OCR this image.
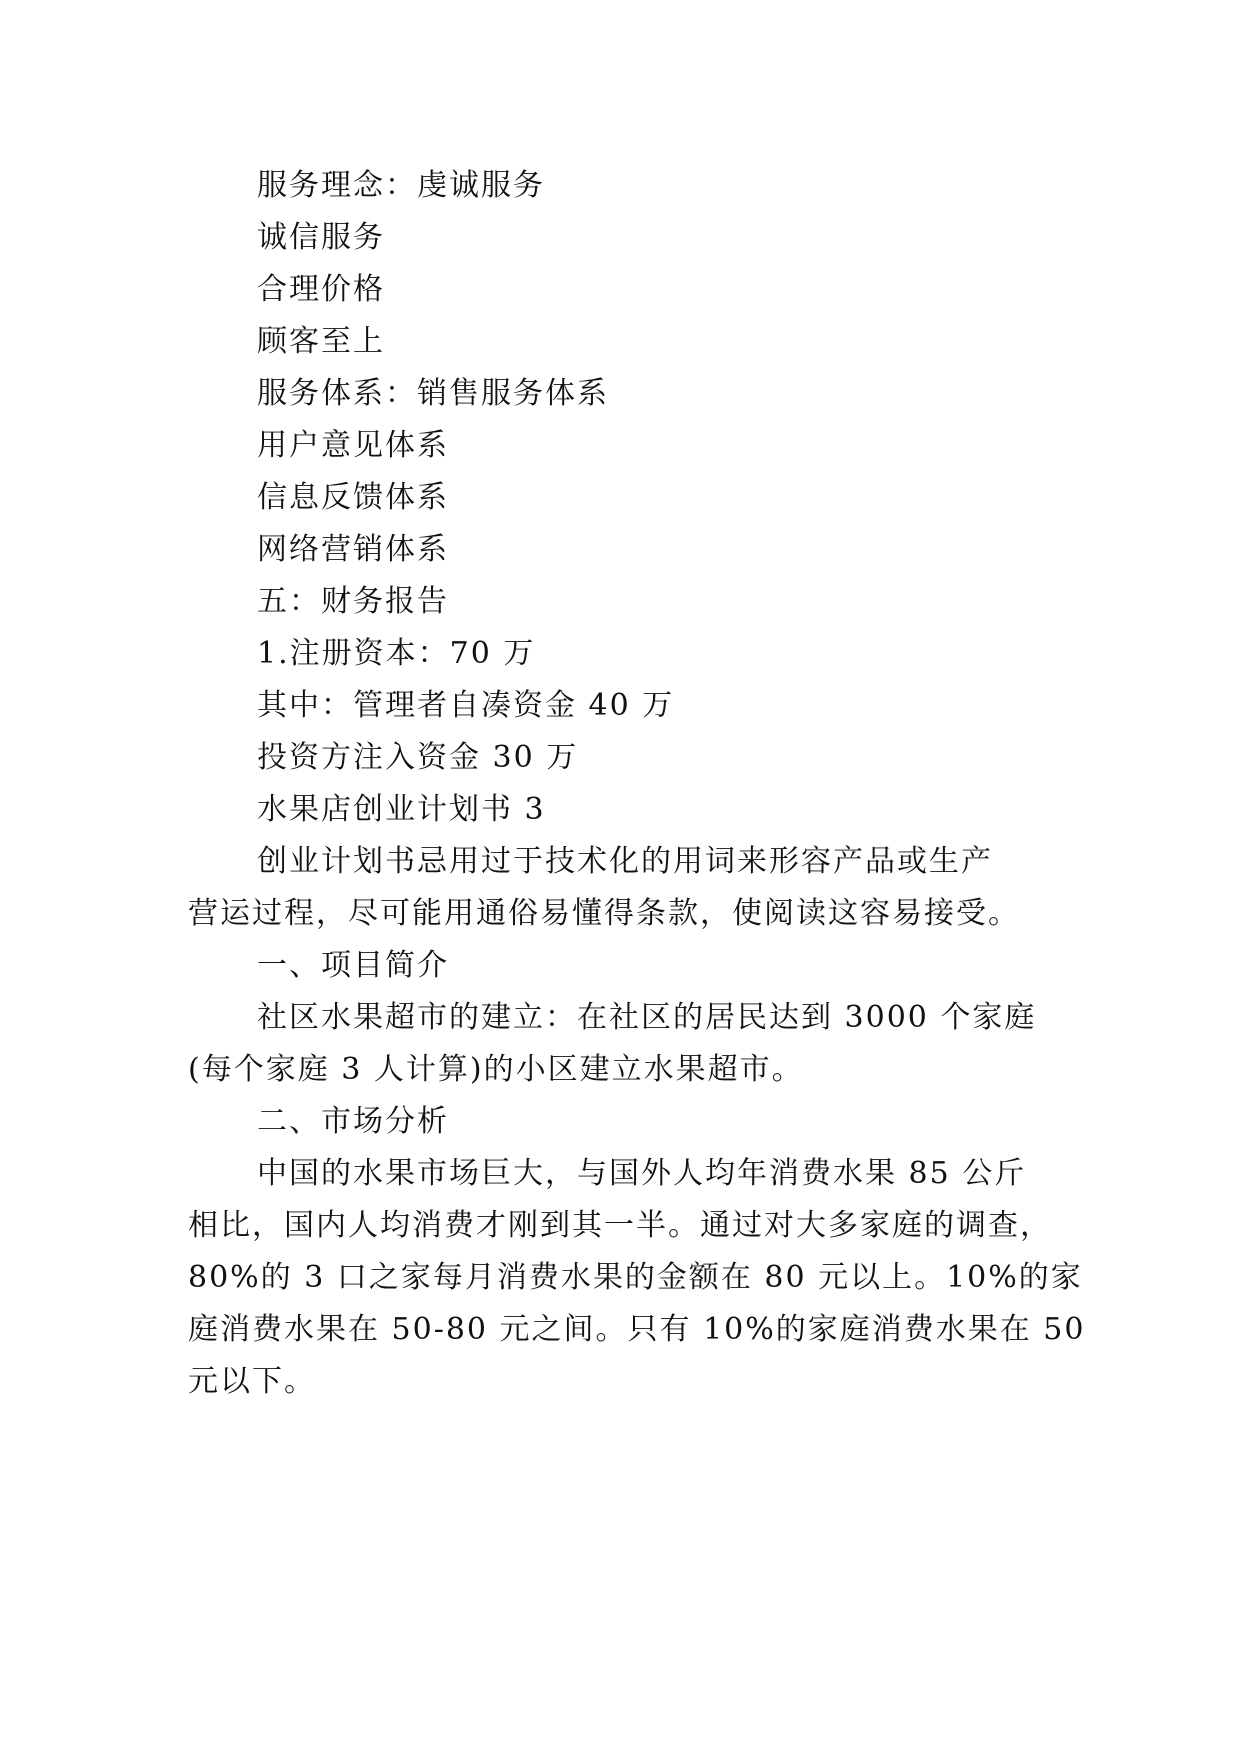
服务理念：虔诚服务
诚信服务
合理价格
顾客至上
服务体系：销售服务体系
用户意见体系
信息反馈体系
网络营销体系
五：财务报告
1.注册资本：70 万
其中：管理者自凑资金 40 万
投资方注入资金 30 万
水果店创业计划书 3
创业计划书忌用过于技术化的用词来形容产品或生产
营运过程，尽可能用通俗易懂得条款，使阅读这容易接受。
一、项目简介
社区水果超市的建立：在社区的居民达到 3000 个家庭
(每个家庭 3 人计算)的小区建立水果超市。
二、市场分析
中国的水果市场巨大，与国外人均年消费水果 85 公斤
相比，国内人均消费才刚到其一半。通过对大多家庭的调查，
80%的 3 口之家每月消费水果的金额在 80 元以上。10%的家
庭消费水果在 50-80 元之间。只有 10%的家庭消费水果在 50
元以下。
